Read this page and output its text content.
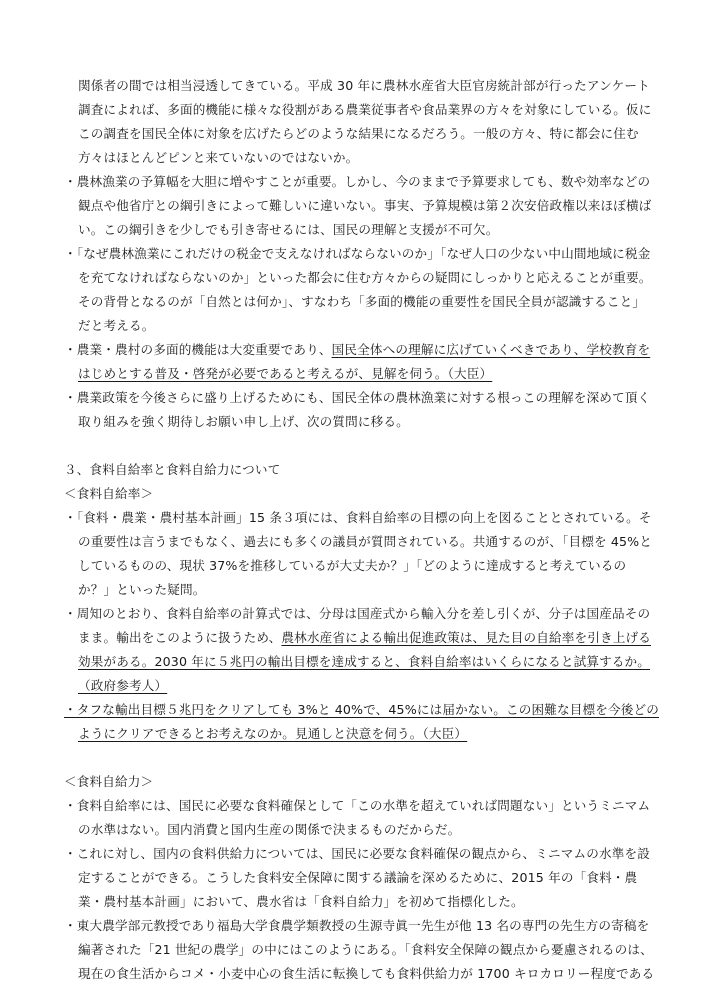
関係者の間では相当浸透してきている。平成 30 年に農林水産省大臣官房統計部が行ったアンケート
調査によれば、多面的機能に様々な役割がある農業従事者や食品業界の方々を対象にしている。仮に
この調査を国民全体に対象を広げたらどのような結果になるだろう。一般の方々、特に都会に住む
方々はほとんどピンと来ていないのではないか。
・農林漁業の予算幅を大胆に増やすことが重要。しかし、今のままで予算要求しても、数や効率などの
観点や他省庁との綱引きによって難しいに違いない。事実、予算規模は第２次安倍政権以来ほぼ横ば
い。この綱引きを少しでも引き寄せるには、国民の理解と支援が不可欠。
・「なぜ農林漁業にこれだけの税金で支えなければならないのか」「なぜ人口の少ない中山間地域に税金
を充てなければならないのか」といった都会に住む方々からの疑問にしっかりと応えることが重要。
その背骨となるのが「自然とは何か」、すなわち「多面的機能の重要性を国民全員が認識すること」
だと考える。
・農業・農村の多面的機能は大変重要であり、国民全体への理解に広げていくべきであり、学校教育を
はじめとする普及・啓発が必要であると考えるが、見解を伺う。（大臣）
・農業政策を今後さらに盛り上げるためにも、国民全体の農林漁業に対する根っこの理解を深めて頂く
取り組みを強く期待しお願い申し上げ、次の質問に移る。
３、食料自給率と食料自給力について
＜食料自給率＞
・「食料・農業・農村基本計画」15 条３項には、食料自給率の目標の向上を図ることとされている。そ
の重要性は言うまでもなく、過去にも多くの議員が質問されている。共通するのが、「目標を 45%と
しているものの、現状 37%を推移しているが大丈夫か？」「どのように達成すると考えているの
か？」といった疑問。
・周知のとおり、食料自給率の計算式では、分母は国産式から輸入分を差し引くが、分子は国産品その
まま。輸出をこのように扱うため、農林水産省による輸出促進政策は、見た目の自給率を引き上げる
効果がある。2030 年に５兆円の輸出目標を達成すると、食料自給率はいくらになると試算するか。
（政府参考人）
・タフな輸出目標５兆円をクリアしても 3%と 40%で、45%には届かない。この困難な目標を今後どの
ようにクリアできるとお考えなのか。見通しと決意を伺う。（大臣）
＜食料自給力＞
・食料自給率には、国民に必要な食料確保として「この水準を超えていれば問題ない」というミニマム
の水準はない。国内消費と国内生産の関係で決まるものだからだ。
・これに対し、国内の食料供給力については、国民に必要な食料確保の観点から、ミニマムの水準を設
定することができる。こうした食料安全保障に関する議論を深めるために、2015 年の「食料・農
業・農村基本計画」において、農水省は「食料自給力」を初めて指標化した。
・東大農学部元教授であり福島大学食農学類教授の生源寺眞一先生が他 13 名の専門の先生方の寄稿を
編著された「21 世紀の農学」の中にはこのようにある。「食料安全保障の観点から憂慮されるのは、
現在の食生活からコメ・小麦中心の食生活に転換しても食料供給力が 1700 キロカロリー程度である
